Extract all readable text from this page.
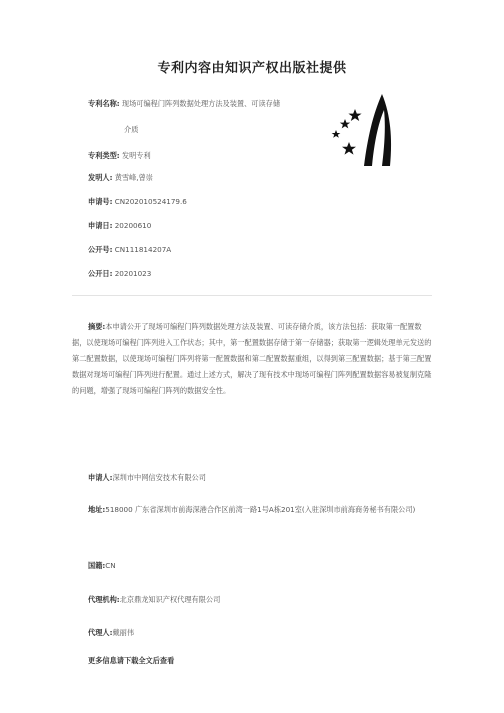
专利内容由知识产权出版社提供
专利名称: 现场可编程门阵列数据处理方法及装置、可读存储
介质
专利类型: 发明专利
发明人: 黄雪峰,曾崇
申请号: CN202010524179.6
申请日: 20200610
公开号: CN111814207A
公开日: 20201023
摘要:本申请公开了现场可编程门阵列数据处理方法及装置、可读存储介质，该方法包括：获取第一配置数据，以使现场可编程门阵列进入工作状态；其中，第一配置数据存储于第一存储器；获取第一逻辑处理单元发送的第二配置数据，以使现场可编程门阵列将第一配置数据和第二配置数据重组，以得到第三配置数据；基于第三配置数据对现场可编程门阵列进行配置。通过上述方式，解决了现有技术中现场可编程门阵列配置数据容易被复制克隆的问题，增强了现场可编程门阵列的数据安全性。
申请人:深圳市中网信安技术有限公司
地址:518000 广东省深圳市前海深港合作区前湾一路1号A栋201室(入驻深圳市前海商务秘书有限公司)
国籍:CN
代理机构:北京鼎龙知识产权代理有限公司
代理人:戴丽伟
更多信息请下载全文后查看
